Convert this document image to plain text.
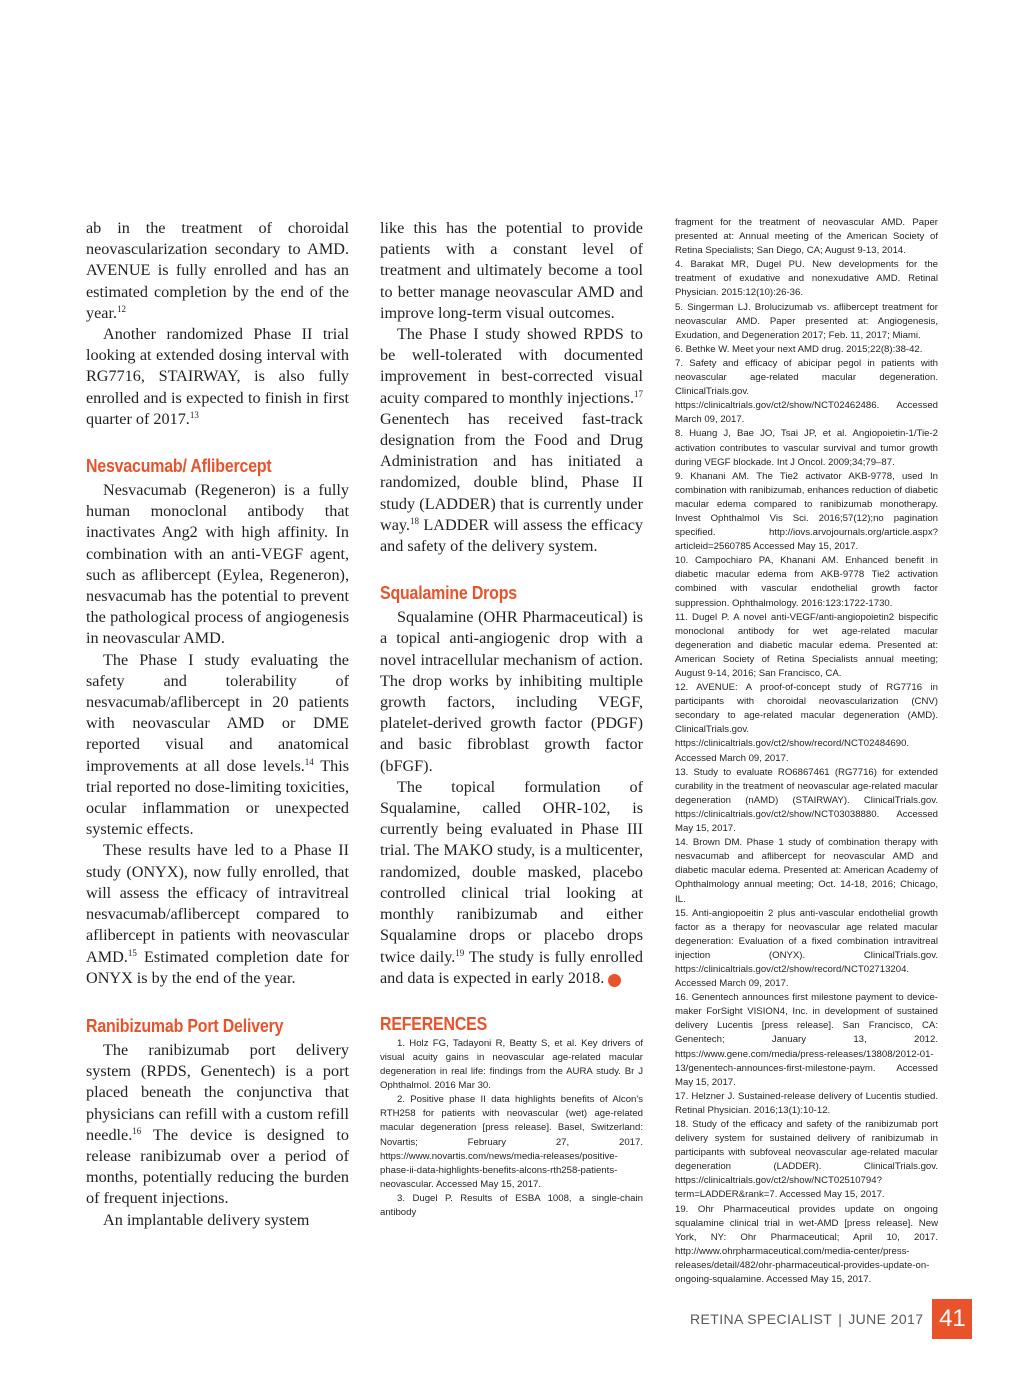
ab in the treatment of choroidal neovascularization secondary to AMD. AVENUE is fully enrolled and has an estimated completion by the end of the year.$^{12}$

Another randomized Phase II trial looking at extended dosing interval with RG7716, STAIRWAY, is also fully enrolled and is expected to finish in first quarter of 2017.13

Nesvacumab/ Aflibercept

Nesvacumab (Regeneron) is a fully human monoclonal antibody that inactivates Ang2 with high affinity. In combination with an anti-VEGF agent, such as aflibercept (Eylea, Regeneron), nesvacumab has the potential to prevent the pathological process of angiogenesis in neovascular AMD.

The Phase I study evaluating the safety and tolerability of nesvacumab/aflibercept in 20 patients with neovascular AMD or DME reported visual and anatomical improvements at all dose levels.$^{14}$ This trial reported no dose-limiting toxicities, ocular inflammation or unexpected systemic effects.

These results have led to a Phase II study (ONYX), now fully enrolled, that will assess the efficacy of intravitreal nesvacumab/aflibercept compared to aflibercept in patients with neovascular AMD.$^{15}$ Estimated completion date for ONYX is by the end of the year.

Ranibizumab Port Delivery

The ranibizumab port delivery system (RPDS, Genentech) is a port placed beneath the conjunctiva that physicians can refill with a custom refill needle.$^{16}$ The device is designed to release ranibizumab over a period of months, potentially reducing the burden of frequent injections.

An implantable delivery system

like this has the potential to provide patients with a constant level of treatment and ultimately become a tool to better manage neovascular AMD and improve long-term visual outcomes.

The Phase I study showed RPDS to be well-tolerated with documented improvement in best-corrected visual acuity compared to monthly injections.$^{17}$ Genentech has received fast-track designation from the Food and Drug Administration and has initiated a randomized, double blind, Phase II study (LADDER) that is currently under way.$^{18}$ LADDER will assess the efficacy and safety of the delivery system.

Squalamine Drops

Squalamine (OHR Pharmaceutical) is a topical anti-angiogenic drop with a novel intracellular mechanism of action. The drop works by inhibiting multiple growth factors, including VEGF, platelet-derived growth factor (PDGF) and basic fibroblast growth factor (bFGF).

The topical formulation of Squalamine, called OHR-102, is currently being evaluated in Phase III trial. The MAKO study, is a multicenter, randomized, double masked, placebo controlled clinical trial looking at monthly ranibizumab and either Squalamine drops or placebo drops twice daily.$^{19}$ The study is fully enrolled and data is expected in early 2018.	RS

REFERENCES

1. Holz FG, Tadayoni R, Beatty S, et al. Key drivers of visual acuity gains in neovascular age-related macular degeneration in real life: findings from the AURA study. Br J Ophthalmol. 2016 Mar 30.

2. Positive phase II data highlights benefits of Alcon's RTH258 for patients with neovascular (wet) age-related macular degeneration [press release]. Basel, Switzerland: Novartis; February 27, 2017. https://www.novartis.com/news/media-releases/positive-phase-ii-data-highlights-benefits-alcons-rth258-patients-neovascular. Accessed May 15, 2017.

3. Dugel P. Results of ESBA 1008, a single-chain antibody

fragment for the treatment of neovascular AMD. Paper presented at: Annual meeting of the American Society of Retina Specialists; San Diego, CA; August 9-13, 2014.

4. Barakat MR, Dugel PU. New developments for the treatment of exudative and nonexudative AMD. Retinal Physician. 2015:12(10):26-36.

5. Singerman LJ. Brolucizumab vs. aflibercept treatment for neovascular AMD. Paper presented at: Angiogenesis, Exudation, and Degeneration 2017; Feb. 11, 2017; Miami.

6. Bethke W. Meet your next AMD drug. 2015;22(8):38-42.

7. Safety and efficacy of abicipar pegol in patients with neovascular age-related macular degeneration. ClinicalTrials.gov. https://clinicaltrials.gov/ct2/show/NCT02462486. Accessed March 09, 2017.

8. Huang J, Bae JO, Tsai JP, et al. Angiopoietin-1/Tie-2 activation contributes to vascular survival and tumor growth during VEGF blockade. Int J Oncol. 2009;34;79–87.

9. Khanani AM. The Tie2 activator AKB-9778, used In combination with ranibizumab, enhances reduction of diabetic macular edema compared to ranibizumab monotherapy. Invest Ophthalmol Vis Sci. 2016;57(12);no pagination specified. http://iovs.arvojournals.org/article.aspx?articleid=2560785 Accessed May 15, 2017.

10. Campochiaro PA, Khanani AM. Enhanced benefit in diabetic macular edema from AKB-9778 Tie2 activation combined with vascular endothelial growth factor suppression. Ophthalmology. 2016:123:1722-1730.

11. Dugel P. A novel anti-VEGF/anti-angiopoietin2 bispecific monoclonal antibody for wet age-related macular degeneration and diabetic macular edema. Presented at: American Society of Retina Specialists annual meeting; August 9-14, 2016; San Francisco, CA.

12. AVENUE: A proof-of-concept study of RG7716 in participants with choroidal neovascularization (CNV) secondary to age-related macular degeneration (AMD). ClinicalTrials.gov. https://clinicaltrials.gov/ct2/show/record/NCT02484690. Accessed March 09, 2017.

13. Study to evaluate RO6867461 (RG7716) for extended curability in the treatment of neovascular age-related macular degeneration (nAMD) (STAIRWAY). ClinicalTrials.gov. https://clinicaltrials.gov/ct2/show/NCT03038880. Accessed May 15, 2017.

14. Brown DM. Phase 1 study of combination therapy with nesvacumab and aflibercept for neovascular AMD and diabetic macular edema. Presented at: American Academy of Ophthalmology annual meeting; Oct. 14-18, 2016; Chicago, IL.

15. Anti-angiopoeitin 2 plus anti-vascular endothelial growth factor as a therapy for neovascular age related macular degeneration: Evaluation of a fixed combination intravitreal injection (ONYX). ClinicalTrials.gov. https://clinicaltrials.gov/ct2/show/record/NCT02713204. Accessed March 09, 2017.

16. Genentech announces first milestone payment to device-maker ForSight VISION4, Inc. in development of sustained delivery Lucentis [press release]. San Francisco, CA: Genentech; January 13, 2012. https://www.gene.com/media/press-releases/13808/2012-01-13/genentech-announces-first-milestone-paym. Accessed May 15, 2017.

17. Helzner J. Sustained-release delivery of Lucentis studied. Retinal Physician. 2016;13(1):10-12.

18. Study of the efficacy and safety of the ranibizumab port delivery system for sustained delivery of ranibizumab in participants with subfoveal neovascular age-related macular degeneration (LADDER). ClinicalTrials.gov. https://clinicaltrials.gov/ct2/show/NCT02510794?term=LADDER&rank=7. Accessed May 15, 2017.

19. Ohr Pharmaceutical provides update on ongoing squalamine clinical trial in wet-AMD [press release]. New York, NY: Ohr Pharmaceutical; April 10, 2017. http://www.ohrpharmaceutical.com/media-center/press-releases/detail/482/ohr-pharmaceutical-provides-update-on-ongoing-squalamine. Accessed May 15, 2017.

RETINA SPECIALIST | JUNE 2017 41
